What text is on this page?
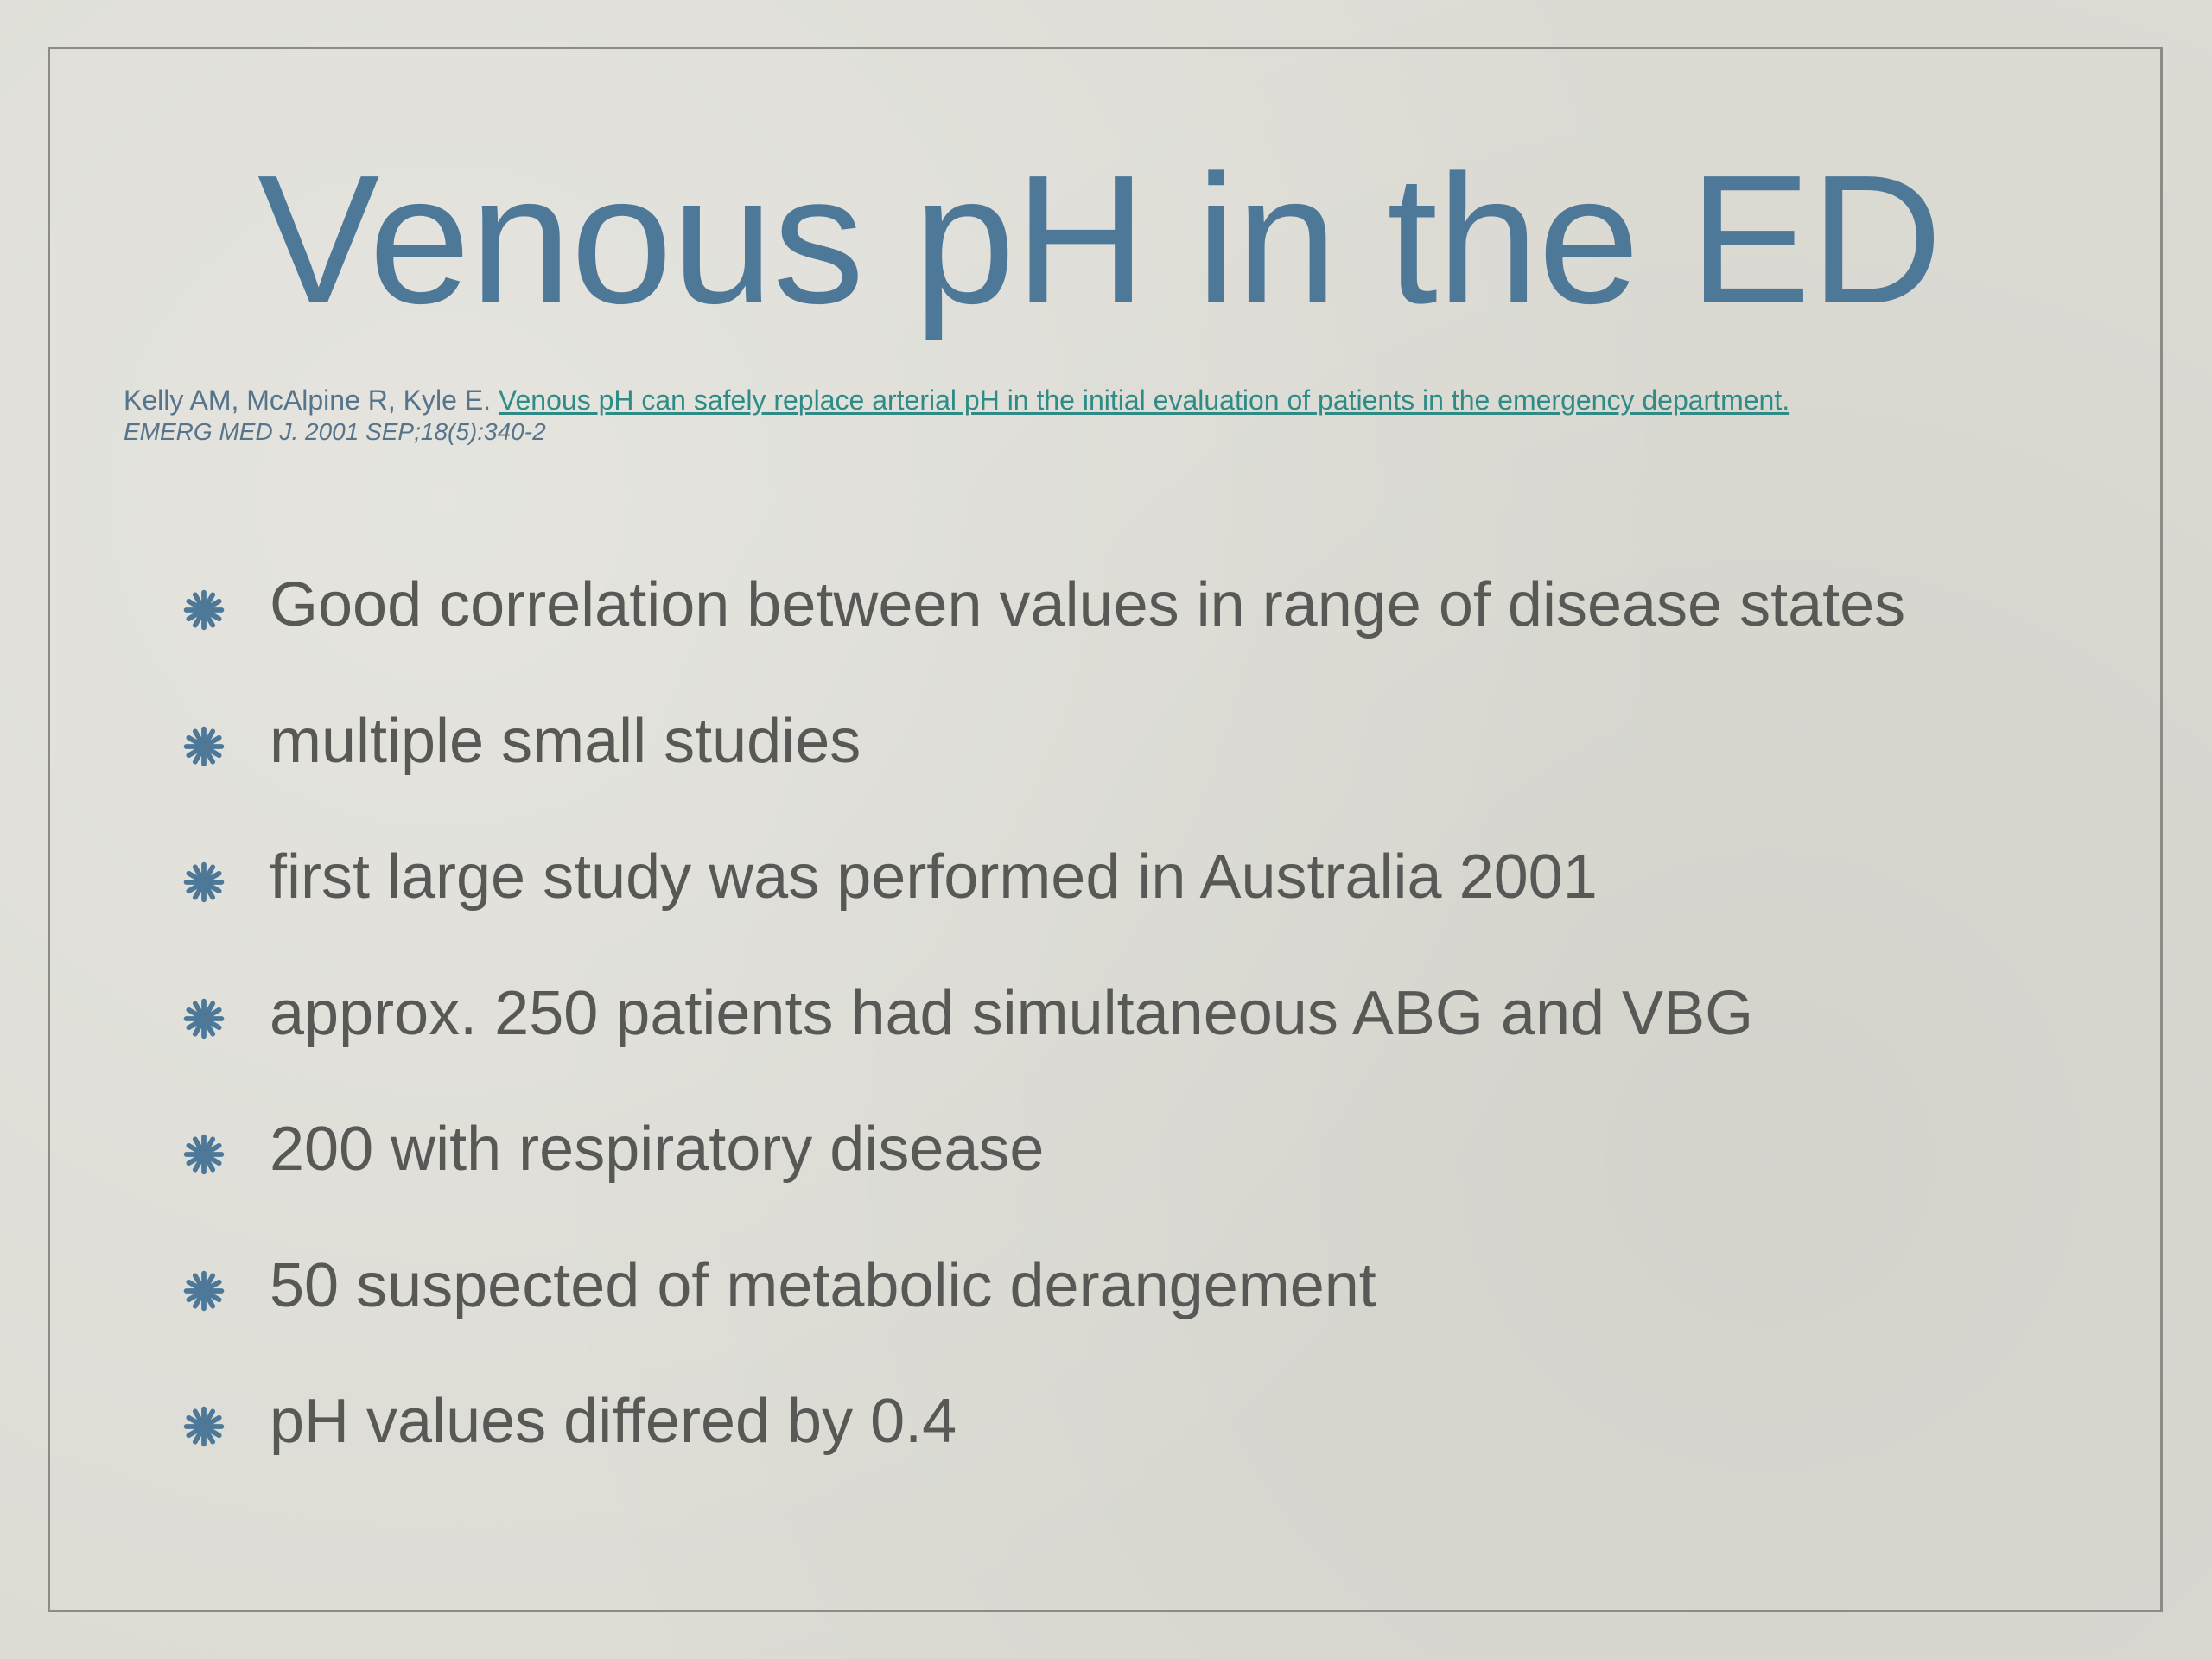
Venous pH in the ED
Kelly AM, McAlpine R, Kyle E. Venous pH can safely replace arterial pH in the initial evaluation of patients in the emergency department.
EMERG MED J. 2001 SEP;18(5):340-2
Good correlation between values in range of disease states
multiple small studies
first large study was performed in Australia 2001
approx. 250 patients had simultaneous ABG and VBG
200 with respiratory disease
50 suspected of metabolic derangement
pH values differed by 0.4
